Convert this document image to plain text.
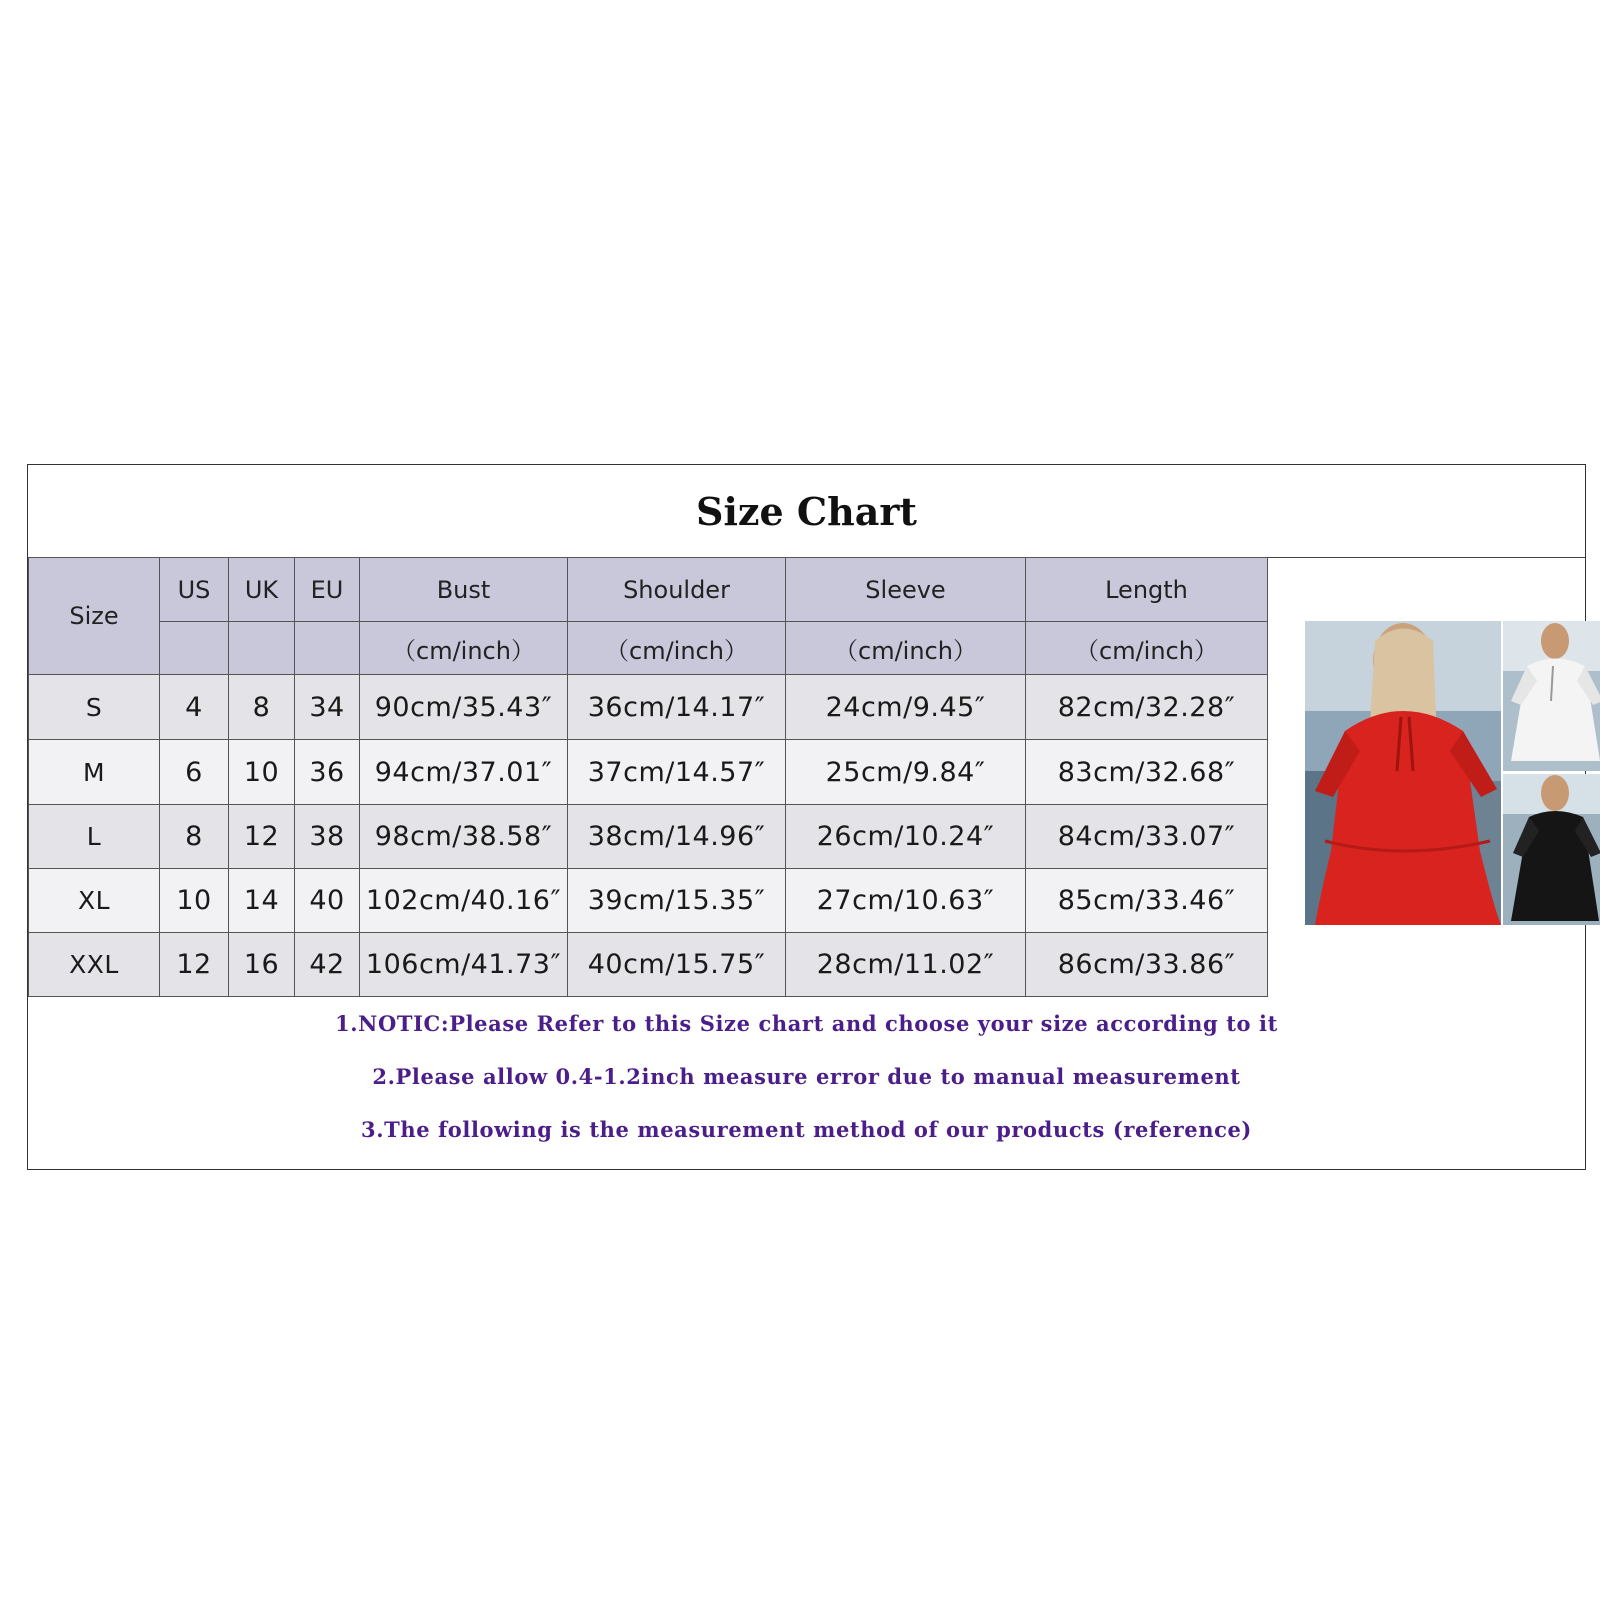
Size Chart
Size	US	UK	EU	Bust	Shoulder	Sleeve	Length
				（cm/inch）	（cm/inch）	（cm/inch）	（cm/inch）
S	4	8	34	90cm/35.43″	36cm/14.17″	24cm/9.45″	82cm/32.28″
M	6	10	36	94cm/37.01″	37cm/14.57″	25cm/9.84″	83cm/32.68″
L	8	12	38	98cm/38.58″	38cm/14.96″	26cm/10.24″	84cm/33.07″
XL	10	14	40	102cm/40.16″	39cm/15.35″	27cm/10.63″	85cm/33.46″
XXL	12	16	42	106cm/41.73″	40cm/15.75″	28cm/11.02″	86cm/33.86″
1.NOTIC:Please Refer to this Size chart and choose your size according to it
2.Please allow 0.4-1.2inch measure error due to manual measurement
3.The following is the measurement method of our products (reference)
